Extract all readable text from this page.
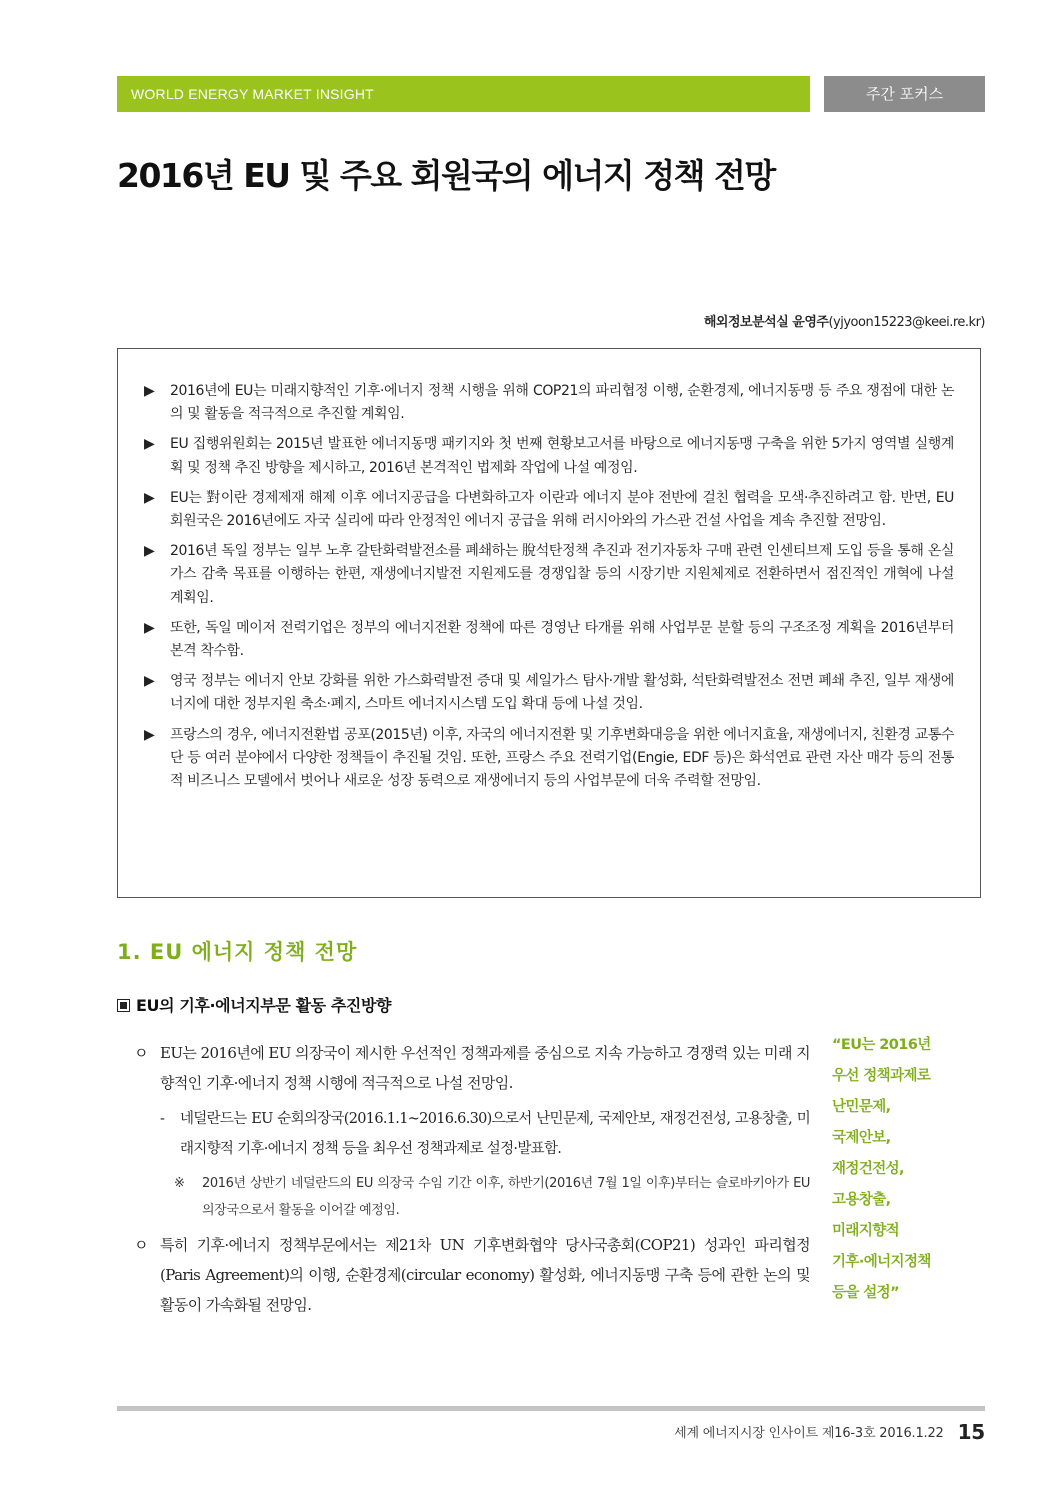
WORLD ENERGY MARKET INSIGHT	주간 포커스
2016년 EU 및 주요 회원국의 에너지 정책 전망
해외정보분석실 윤영주(yjyoon15223@keei.re.kr)
▶ 2016년에 EU는 미래지향적인 기후·에너지 정책 시행을 위해 COP21의 파리협정 이행, 순환경제, 에너지동맹 등 주요 쟁점에 대한 논의 및 활동을 적극적으로 추진할 계획임.
▶ EU 집행위원회는 2015년 발표한 에너지동맹 패키지와 첫 번째 현황보고서를 바탕으로 에너지동맹 구축을 위한 5가지 영역별 실행계획 및 정책 추진 방향을 제시하고, 2016년 본격적인 법제화 작업에 나설 예정임.
▶ EU는 對이란 경제제재 해제 이후 에너지공급을 다변화하고자 이란과 에너지 분야 전반에 걸친 협력을 모색·추진하려고 함. 반면, EU 회원국은 2016년에도 자국 실리에 따라 안정적인 에너지 공급을 위해 러시아와의 가스관 건설 사업을 계속 추진할 전망임.
▶ 2016년 독일 정부는 일부 노후 갈탄화력발전소를 폐쇄하는 脫석탄정책 추진과 전기자동차 구매 관련 인센티브제 도입 등을 통해 온실가스 감축 목표를 이행하는 한편, 재생에너지발전 지원제도를 경쟁입찰 등의 시장기반 지원체제로 전환하면서 점진적인 개혁에 나설 계획임.
▶ 또한, 독일 메이저 전력기업은 정부의 에너지전환 정책에 따른 경영난 타개를 위해 사업부문 분할 등의 구조조정 계획을 2016년부터 본격 착수함.
▶ 영국 정부는 에너지 안보 강화를 위한 가스화력발전 증대 및 셰일가스 탐사·개발 활성화, 석탄화력발전소 전면 폐쇄 추진, 일부 재생에너지에 대한 정부지원 축소·폐지, 스마트 에너지시스템 도입 확대 등에 나설 것임.
▶ 프랑스의 경우, 에너지전환법 공포(2015년) 이후, 자국의 에너지전환 및 기후변화대응을 위한 에너지효율, 재생에너지, 친환경 교통수단 등 여러 분야에서 다양한 정책들이 추진될 것임. 또한, 프랑스 주요 전력기업(Engie, EDF 등)은 화석연료 관련 자산 매각 등의 전통적 비즈니스 모델에서 벗어나 새로운 성장 동력으로 재생에너지 등의 사업부문에 더욱 주력할 전망임.
1. EU 에너지 정책 전망
EU의 기후·에너지부문 활동 추진방향
ㅇ EU는 2016년에 EU 의장국이 제시한 우선적인 정책과제를 중심으로 지속 가능하고 경쟁력 있는 미래 지향적인 기후·에너지 정책 시행에 적극적으로 나설 전망임.
- 네덜란드는 EU 순회의장국(2016.1.1~2016.6.30)으로서 난민문제, 국제안보, 재정건전성, 고용창출, 미래지향적 기후·에너지 정책 등을 최우선 정책과제로 설정·발표함.
※ 2016년 상반기 네덜란드의 EU 의장국 수임 기간 이후, 하반기(2016년 7월 1일 이후)부터는 슬로바키아가 EU 의장국으로서 활동을 이어갈 예정임.
ㅇ 특히 기후·에너지 정책부문에서는 제21차 UN 기후변화협약 당사국총회(COP21) 성과인 파리협정(Paris Agreement)의 이행, 순환경제(circular economy) 활성화, 에너지동맹 구축 등에 관한 논의 및 활동이 가속화될 전망임.
“EU는 2016년
우선 정책과제로
난민문제,
국제안보,
재정건전성,
고용창출,
미래지향적
기후·에너지정책
등을 설정”
세계 에너지시장 인사이트 제16-3호 2016.1.22 15
